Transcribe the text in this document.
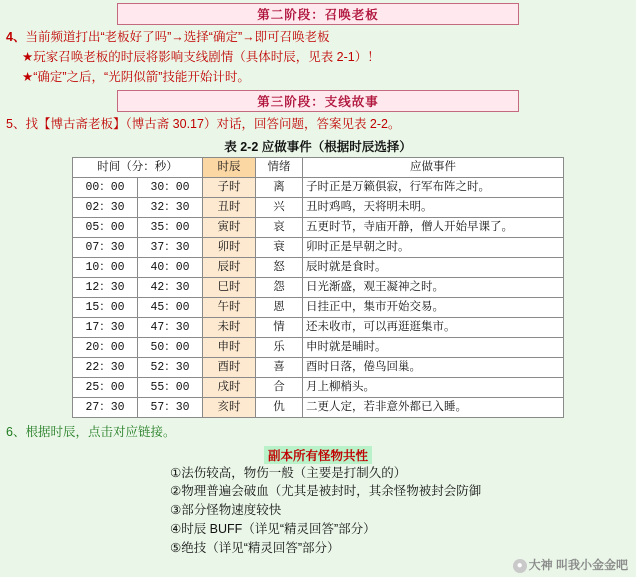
第二阶段：召唤老板
4、当前频道打出“老板好了吗”→选择“确定”→即可召唤老板
★玩家召唤老板的时辰将影响支线剧情（具体时辰，见表 2-1）！
★“确定”之后，“光阴似箭”技能开始计时。
第三阶段：支线故事
5、找【博古斋老板】（博古斋 30.17）对话，回答问题，答案见表 2-2。
表 2-2 应做事件（根据时辰选择）
时间（分：秒）		时辰	情绪	应做事件
00：00	30：00	子时	离	子时正是万籁俱寂，行军布阵之时。
02：30	32：30	丑时	兴	丑时鸡鸣，天将明未明。
05：00	35：00	寅时	哀	五更时节，寺庙开静，僧人开始早课了。
07：30	37：30	卯时	衰	卯时正是早朝之时。
10：00	40：00	辰时	怒	辰时就是食时。
12：30	42：30	巳时	怨	日光渐盛，观王凝神之时。
15：00	45：00	午时	恩	日挂正中，集市开始交易。
17：30	47：30	未时	情	还未收市，可以再逛逛集市。
20：00	50：00	申时	乐	申时就是晡时。
22：30	52：30	酉时	喜	酉时日落，倦鸟回巢。
25：00	55：00	戌时	合	月上柳梢头。
27：30	57：30	亥时	仇	二更人定，若非意外都已入睡。
6、根据时辰，点击对应链接。
副本所有怪物共性
①法伤较高，物伤一般（主要是打制久的）
②物理普遍会破血（尤其是被封时，其余怪物被封会防御
③部分怪物速度较快
④时辰 BUFF（详见“精灵回答”部分）
⑤绝技（详见“精灵回答”部分）
● 大神 叫我小金金吧
